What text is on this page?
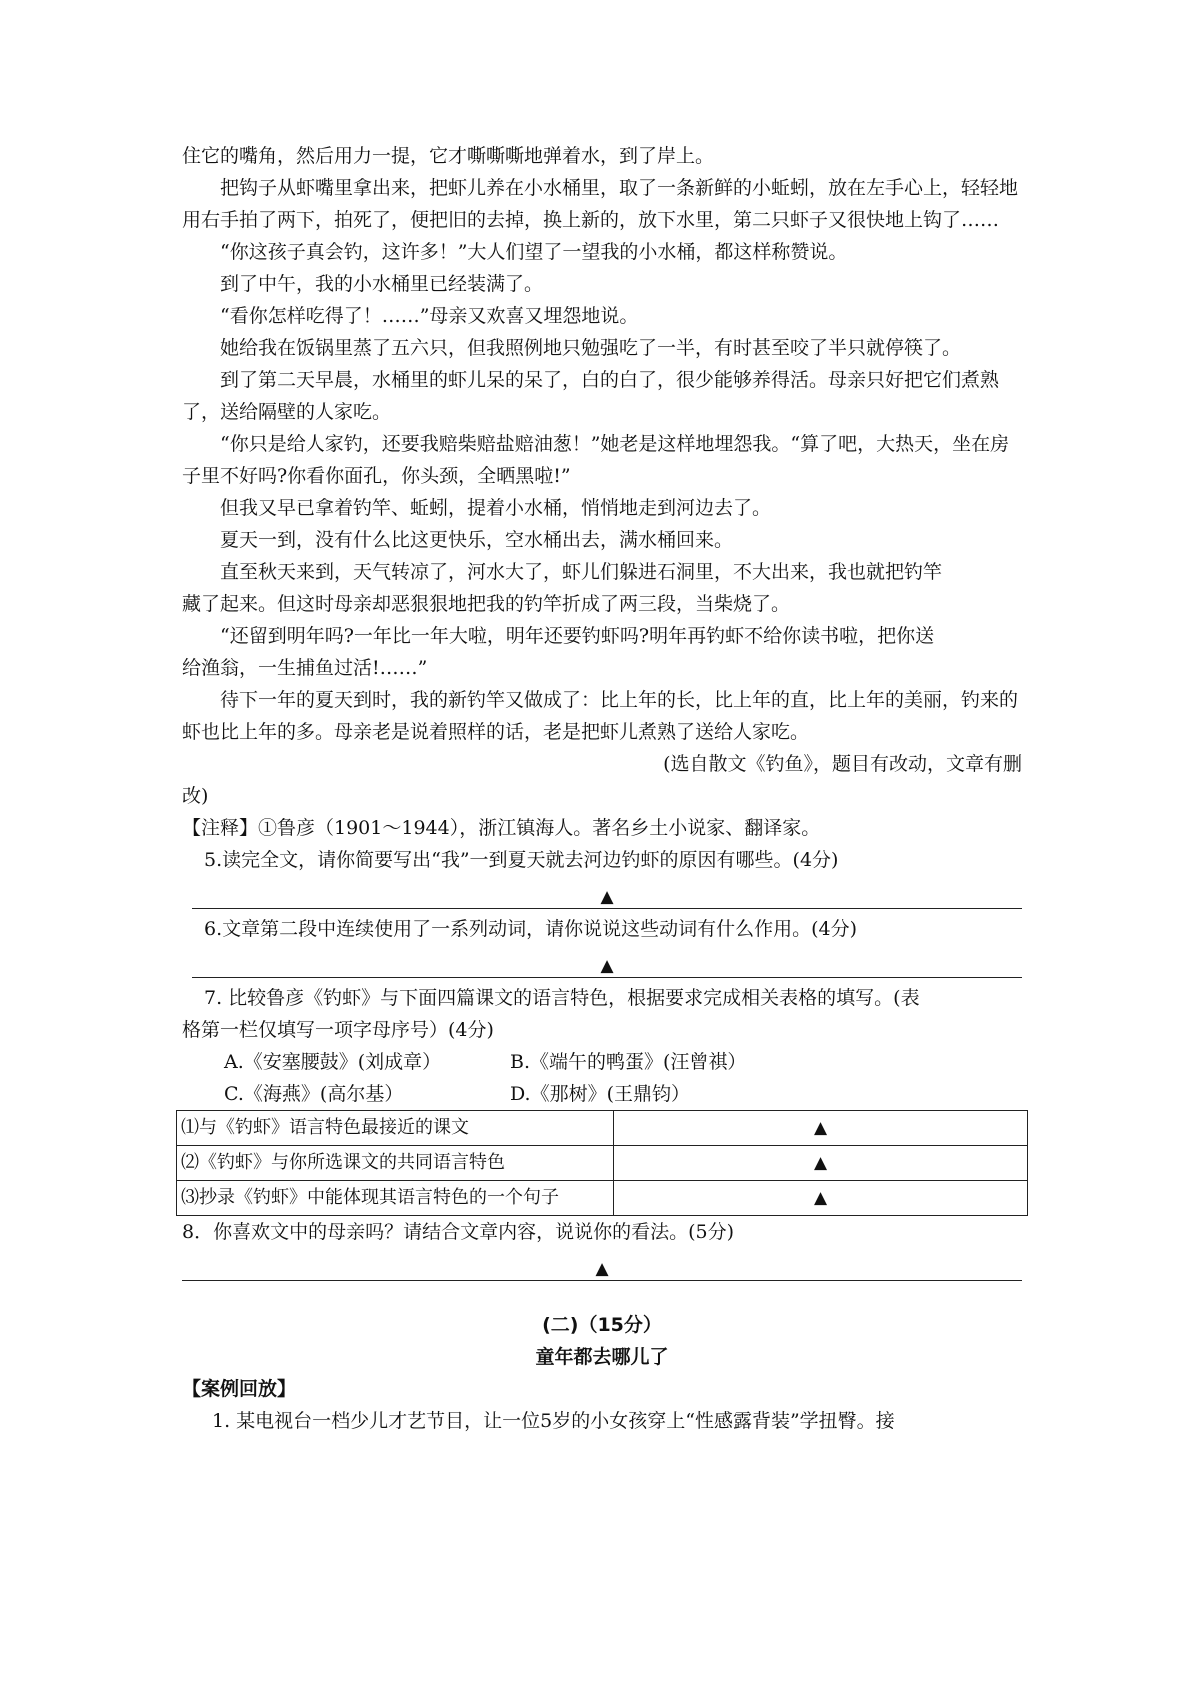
住它的嘴角，然后用力一提，它才嘶嘶嘶地弹着水，到了岸上。

把钩子从虾嘴里拿出来，把虾儿养在小水桶里，取了一条新鲜的小蚯蚓，放在左手心上，轻轻地用右手拍了两下，拍死了，便把旧的去掉，换上新的，放下水里，第二只虾子又很快地上钩了……

“你这孩子真会钓，这许多！”大人们望了一望我的小水桶，都这样称赞说。

到了中午，我的小水桶里已经装满了。

“看你怎样吃得了！……”母亲又欢喜又埋怨地说。

她给我在饭锅里蒸了五六只，但我照例地只勉强吃了一半，有时甚至咬了半只就停筷了。

到了第二天早晨，水桶里的虾儿呆的呆了，白的白了，很少能够养得活。母亲只好把它们煮熟了，送给隔壁的人家吃。

“你只是给人家钓，还要我赔柴赔盐赔油葱！”她老是这样地埋怨我。“算了吧，大热天，坐在房子里不好吗?你看你面孔，你头颈，全晒黑啦!”

但我又早已拿着钓竿、蚯蚓，提着小水桶，悄悄地走到河边去了。

夏天一到，没有什么比这更快乐，空水桶出去，满水桶回来。

直至秋天来到，天气转凉了，河水大了，虾儿们躲进石洞里，不大出来，我也就把钓竿

藏了起来。但这时母亲却恶狠狠地把我的钓竿折成了两三段，当柴烧了。

“还留到明年吗?一年比一年大啦，明年还要钓虾吗?明年再钓虾不给你读书啦，把你送

给渔翁，一生捕鱼过活!……”

待下一年的夏天到时，我的新钓竿又做成了：比上年的长，比上年的直，比上年的美丽，钓来的虾也比上年的多。母亲老是说着照样的话，老是把虾儿煮熟了送给人家吃。

(选自散文《钓鱼》，题目有改动，文章有删

改)

【注释】①鲁彦（1901～1944），浙江镇海人。著名乡土小说家、翻译家。

5.读完全文，请你简要写出“我”一到夏天就去河边钓虾的原因有哪些。(4分)

▲

6.文章第二段中连续使用了一系列动词，请你说说这些动词有什么作用。(4分)

▲

7. 比较鲁彦《钓虾》与下面四篇课文的语言特色，根据要求完成相关表格的填写。(表

格第一栏仅填写一项字母序号）(4分)

A.《安塞腰鼓》(刘成章）	B.《端午的鸭蛋》(汪曾祺）
C.《海燕》(高尔基）	D.《那树》(王鼎钧）
⑴与《钓虾》语言特色最接近的课文	▲
⑵《钓虾》与你所选课文的共同语言特色	▲
⑶抄录《钓虾》中能体现其语言特色的一个句子	▲

8．你喜欢文中的母亲吗？请结合文章内容，说说你的看法。(5分)

▲

(二)（15分）

童年都去哪儿了

【案例回放】

1. 某电视台一档少儿才艺节目，让一位5岁的小女孩穿上“性感露背装”学扭臀。接
